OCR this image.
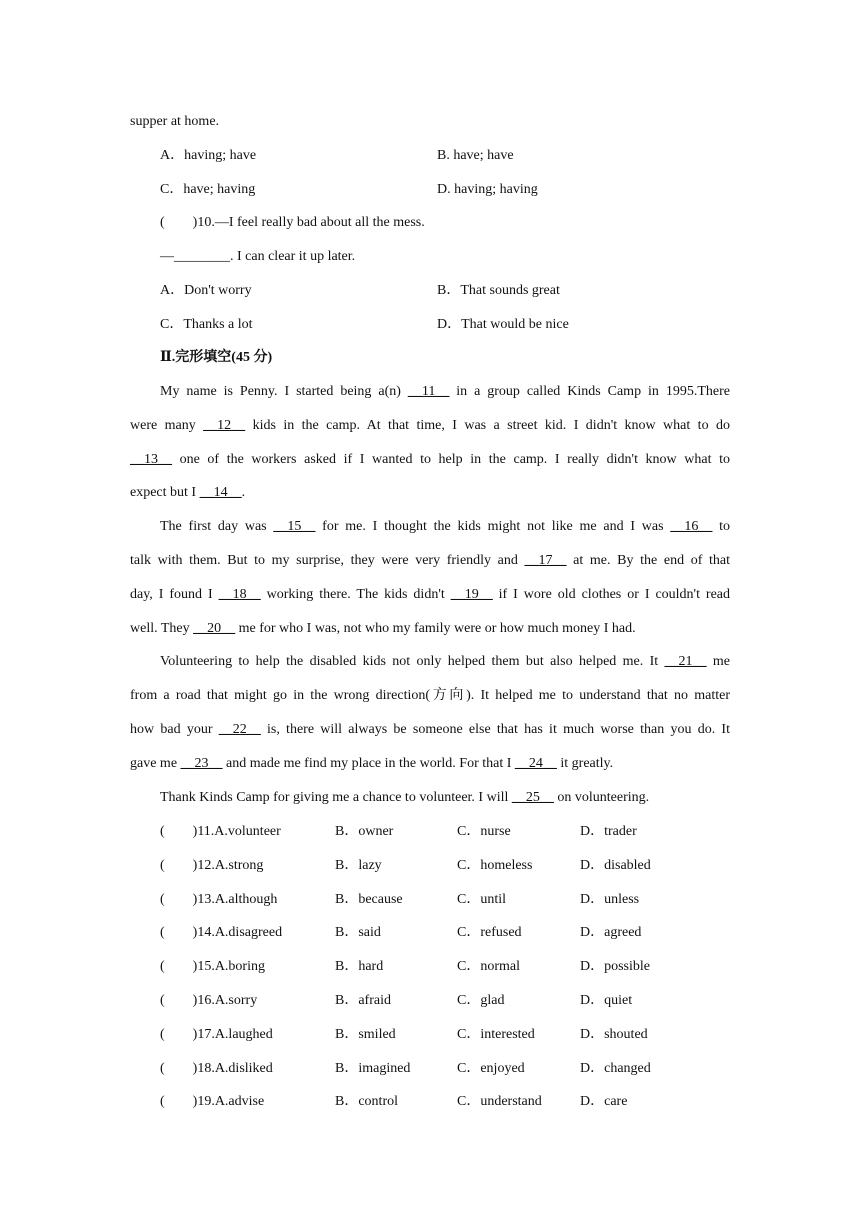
supper at home.
A．having; have	B. have; have
C．have; having	D. having; having
(　　)10.—I feel really bad about all the mess.
—________. I can clear it up later.
A．Don't worry	B．That sounds great
C．Thanks a lot	D．That would be nice
Ⅱ.完形填空(45 分)
My name is Penny. I started being a(n) __11__ in a group called Kinds Camp in 1995.There
were many __12__ kids in the camp. At that time, I was a street kid. I didn't know what to do
__13__ one of the workers asked if I wanted to help in the camp. I really didn't know what to
expect but I __14__.
The first day was __15__ for me. I thought the kids might not like me and I was __16__ to
talk with them. But to my surprise, they were very friendly and __17__ at me. By the end of that
day, I found I __18__ working there. The kids didn't __19__ if I wore old clothes or I couldn't read
well. They __20__ me for who I was, not who my family were or how much money I had.
Volunteering to help the disabled kids not only helped them but also helped me. It __21__ me
from a road that might go in the wrong direction(方向). It helped me to understand that no matter
how bad your __22__ is, there will always be someone else that has it much worse than you do. It
gave me __23__ and made me find my place in the world. For that I __24__ it greatly.
Thank Kinds Camp for giving me a chance to volunteer. I will __25__ on volunteering.
(　　)11.A.volunteer	B．owner	C．nurse	D．trader
(　　)12.A.strong	B．lazy	C．homeless	D．disabled
(　　)13.A.although	B．because	C．until	D．unless
(　　)14.A.disagreed	B．said	C．refused	D．agreed
(　　)15.A.boring	B．hard	C．normal	D．possible
(　　)16.A.sorry	B．afraid	C．glad	D．quiet
(　　)17.A.laughed	B．smiled	C．interested	D．shouted
(　　)18.A.disliked	B．imagined	C．enjoyed	D．changed
(　　)19.A.advise	B．control	C．understand	D．care
